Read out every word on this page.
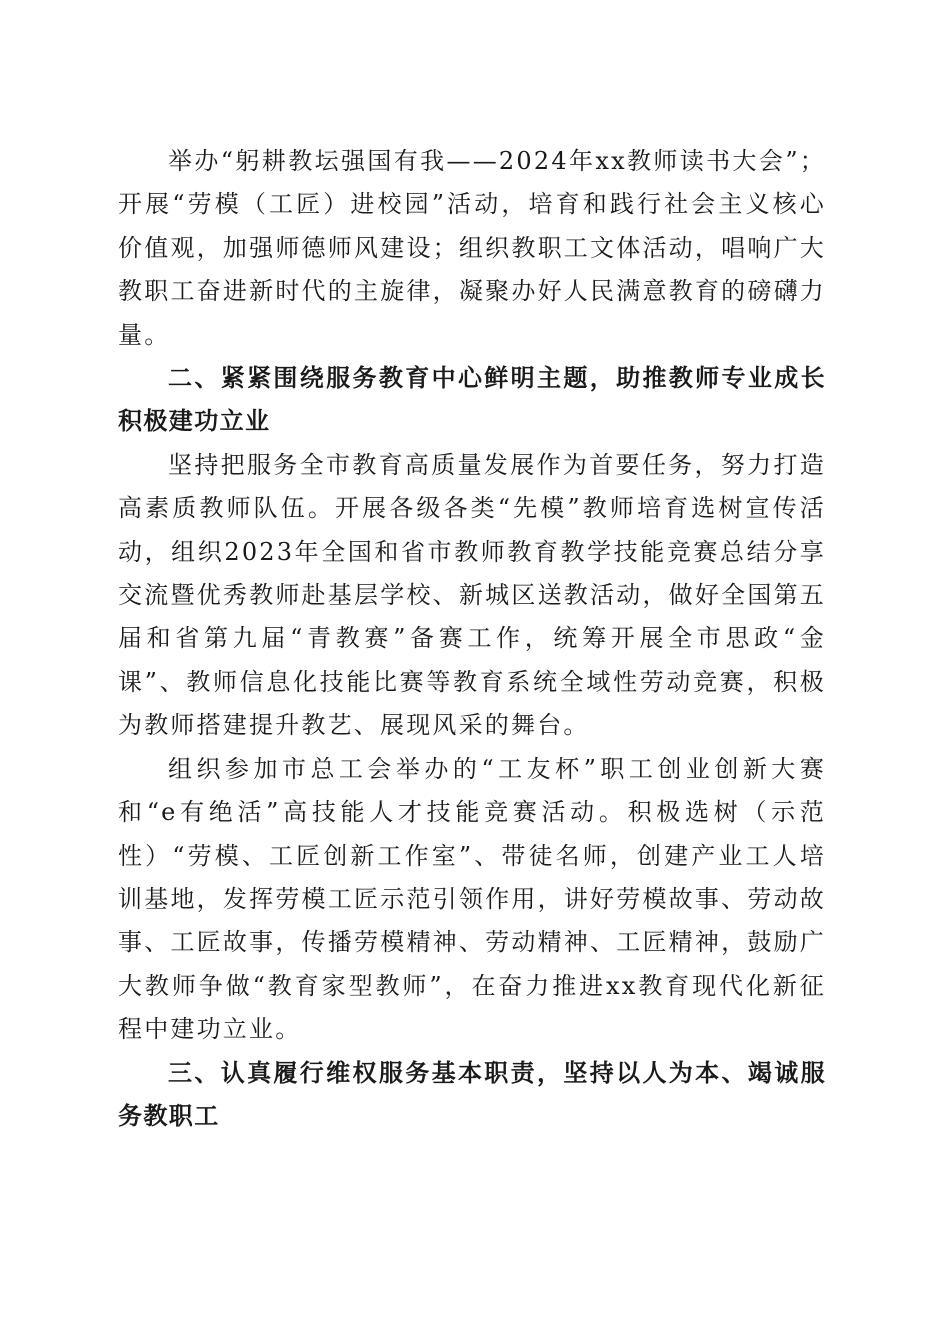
举办“躬耕教坛强国有我——2024年xx教师读书大会”；开展“劳模（工匠）进校园”活动，培育和践行社会主义核心价值观，加强师德师风建设；组织教职工文体活动，唱响广大教职工奋进新时代的主旋律，凝聚办好人民满意教育的磅礴力量。

二、紧紧围绕服务教育中心鲜明主题，助推教师专业成长积极建功立业

坚持把服务全市教育高质量发展作为首要任务，努力打造高素质教师队伍。开展各级各类“先模”教师培育选树宣传活动，组织2023年全国和省市教师教育教学技能竞赛总结分享交流暨优秀教师赴基层学校、新城区送教活动，做好全国第五届和省第九届“青教赛”备赛工作，统筹开展全市思政“金课”、教师信息化技能比赛等教育系统全域性劳动竞赛，积极为教师搭建提升教艺、展现风采的舞台。

组织参加市总工会举办的“工友杯”职工创业创新大赛和“e有绝活”高技能人才技能竞赛活动。积极选树（示范性）“劳模、工匠创新工作室”、带徒名师，创建产业工人培训基地，发挥劳模工匠示范引领作用，讲好劳模故事、劳动故事、工匠故事，传播劳模精神、劳动精神、工匠精神，鼓励广大教师争做“教育家型教师”，在奋力推进xx教育现代化新征程中建功立业。

三、认真履行维权服务基本职责，坚持以人为本、竭诚服务教职工
